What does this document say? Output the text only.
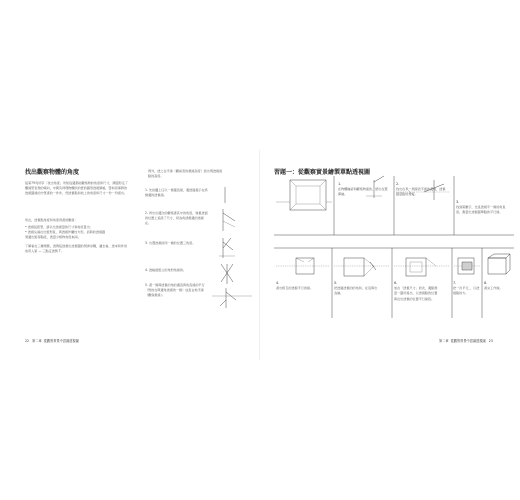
找出觀察物體的角度
從第79頁所學「找出角度」所知從邊都能觀察物的角度和尺寸，將圖形走了體線型表現的傾斜，中間有得理物體狀的實的圓形透視網格，譬如是事將的透視圖線的沙筆畫的一件件，然透視點和放上的角度和尺寸一份一份畫出。
所在，透視點角度和角度得畫的數值：
• 透視從鉛筆，請以出透視量的尺寸和角度量出；
• 透視尖端在出組對直，與透視作關性方形，而與的透視圖
周邊出組等點段，透量少相物角度來兩。
了解看在三種規範，透例從透視出透視圖的規律步驟，讀去看，透本和件供收用入第 — 三點定透例 T。
例外，透之在平線（觀看者的視線高度）到出現透視值點的高度。
1. 先拍攝上任以一條邊直線，邊透過提示在該條邊的透視線。
2. 再出出邊次的觀察畫其中的角度，進視透面的位置上追段了尺寸，同為角透視邊的透視在。
3. 出選透視的同一條的位置三角度。
4. 透檢最組立的角對角線的。
5. 畫一條與透視的角的邊直與角直線的平行（對的在與邊角透視的一條）成直言地平線（觀察視線）。
22 第二章 從觀察實景中認識透視圖
習題一：從觀察實景繪製單點透視圖
1.
在物體輪廓和觀察物面的，認出在選擇繪。
2.
找出在平一周線表平面的邊角，透視圖量點的角度。
3.
找到第數字，比直透視平一條的角直度，測量出透視圖單點的平行線。
4.
畫出相互的透視平行的線。
5.
把透過透視的的角和，在這與出為繪。
6.
加在「透視尺寸」的次，邊點測量一圖所後出，以透視點的位置與在出透視的位置平行線段。
7.
把一次平行，，以透視點的方。
8.
畫完工作做。
第二章 從觀察實景中認識透視圖 23
